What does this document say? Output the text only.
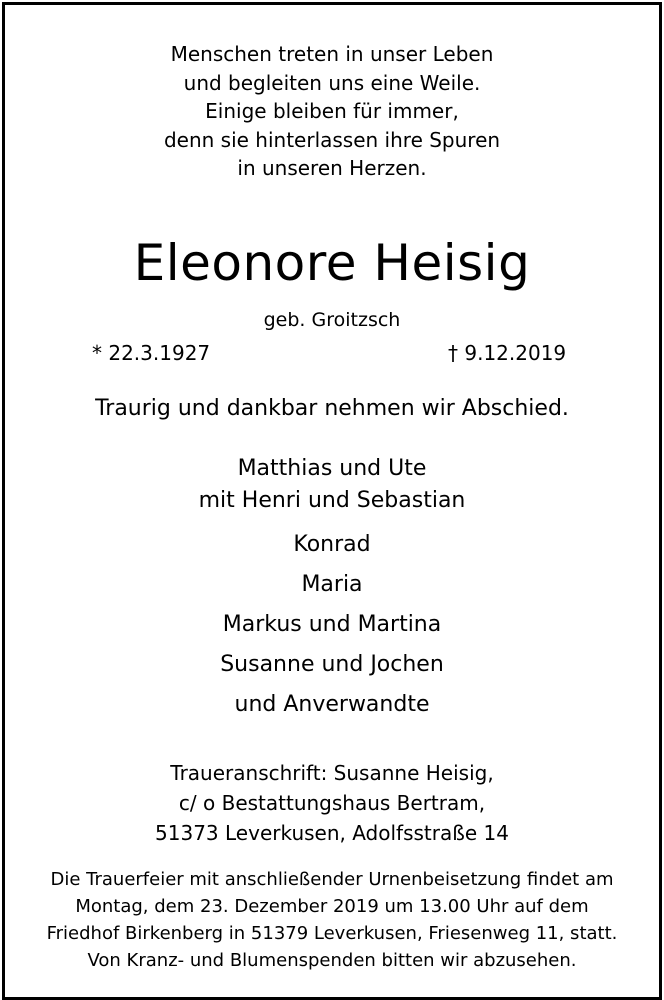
Menschen treten in unser Leben
und begleiten uns eine Weile.
Einige bleiben für immer,
denn sie hinterlassen ihre Spuren
in unseren Herzen.
Eleonore Heisig
geb. Groitzsch
* 22.3.1927	† 9.12.2019
Traurig und dankbar nehmen wir Abschied.
Matthias und Ute
mit Henri und Sebastian
Konrad
Maria
Markus und Martina
Susanne und Jochen
und Anverwandte
Traueranschrift: Susanne Heisig,
c/ o Bestattungshaus Bertram,
51373 Leverkusen, Adolfsstraße 14
Die Trauerfeier mit anschließender Urnenbeisetzung findet am
Montag, dem 23. Dezember 2019 um 13.00 Uhr auf dem
Friedhof Birkenberg in 51379 Leverkusen, Friesenweg 11, statt.
Von Kranz- und Blumenspenden bitten wir abzusehen.
